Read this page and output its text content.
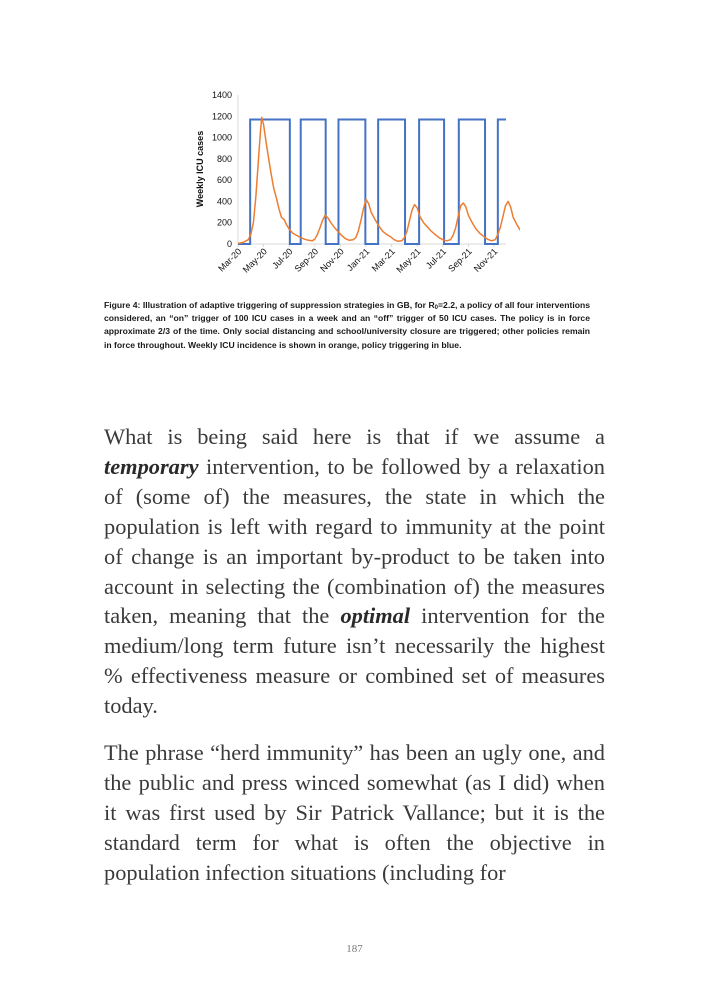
0
200
400
600
800
1000
1200
1400
Mar-20
May-20 Jul-20
Sep-20
Nov-20 Jan-21
Mar-21
May-21 Jul-21
Sep-21
Nov-21
Weekly ICU cases
Figure 4: Illustration of adaptive triggering of suppression strategies in GB, for $R_0=2.2$, a policy of all four interventions considered, an “on” trigger of 100 ICU cases in a week and an “off” trigger of 50 ICU cases. The policy is in force approximate 2/3 of the time. Only social distancing and school/university closure are triggered; other policies remain in force throughout. Weekly ICU incidence is shown in orange, policy triggering in blue.

What is being said here is that if we assume a temporary intervention, to be followed by a relaxation of (some of) the measures, the state in which the population is left with regard to immunity at the point of change is an important by-product to be taken into account in selecting the (combination of) the measures taken, meaning that the optimal intervention for the medium/long term future isn’t necessarily the highest % effectiveness measure or combined set of measures today.

The phrase “herd immunity” has been an ugly one, and the public and press winced somewhat (as I did) when it was first used by Sir Patrick Vallance; but it is the standard term for what is often the objective in population infection situations (including for

187
